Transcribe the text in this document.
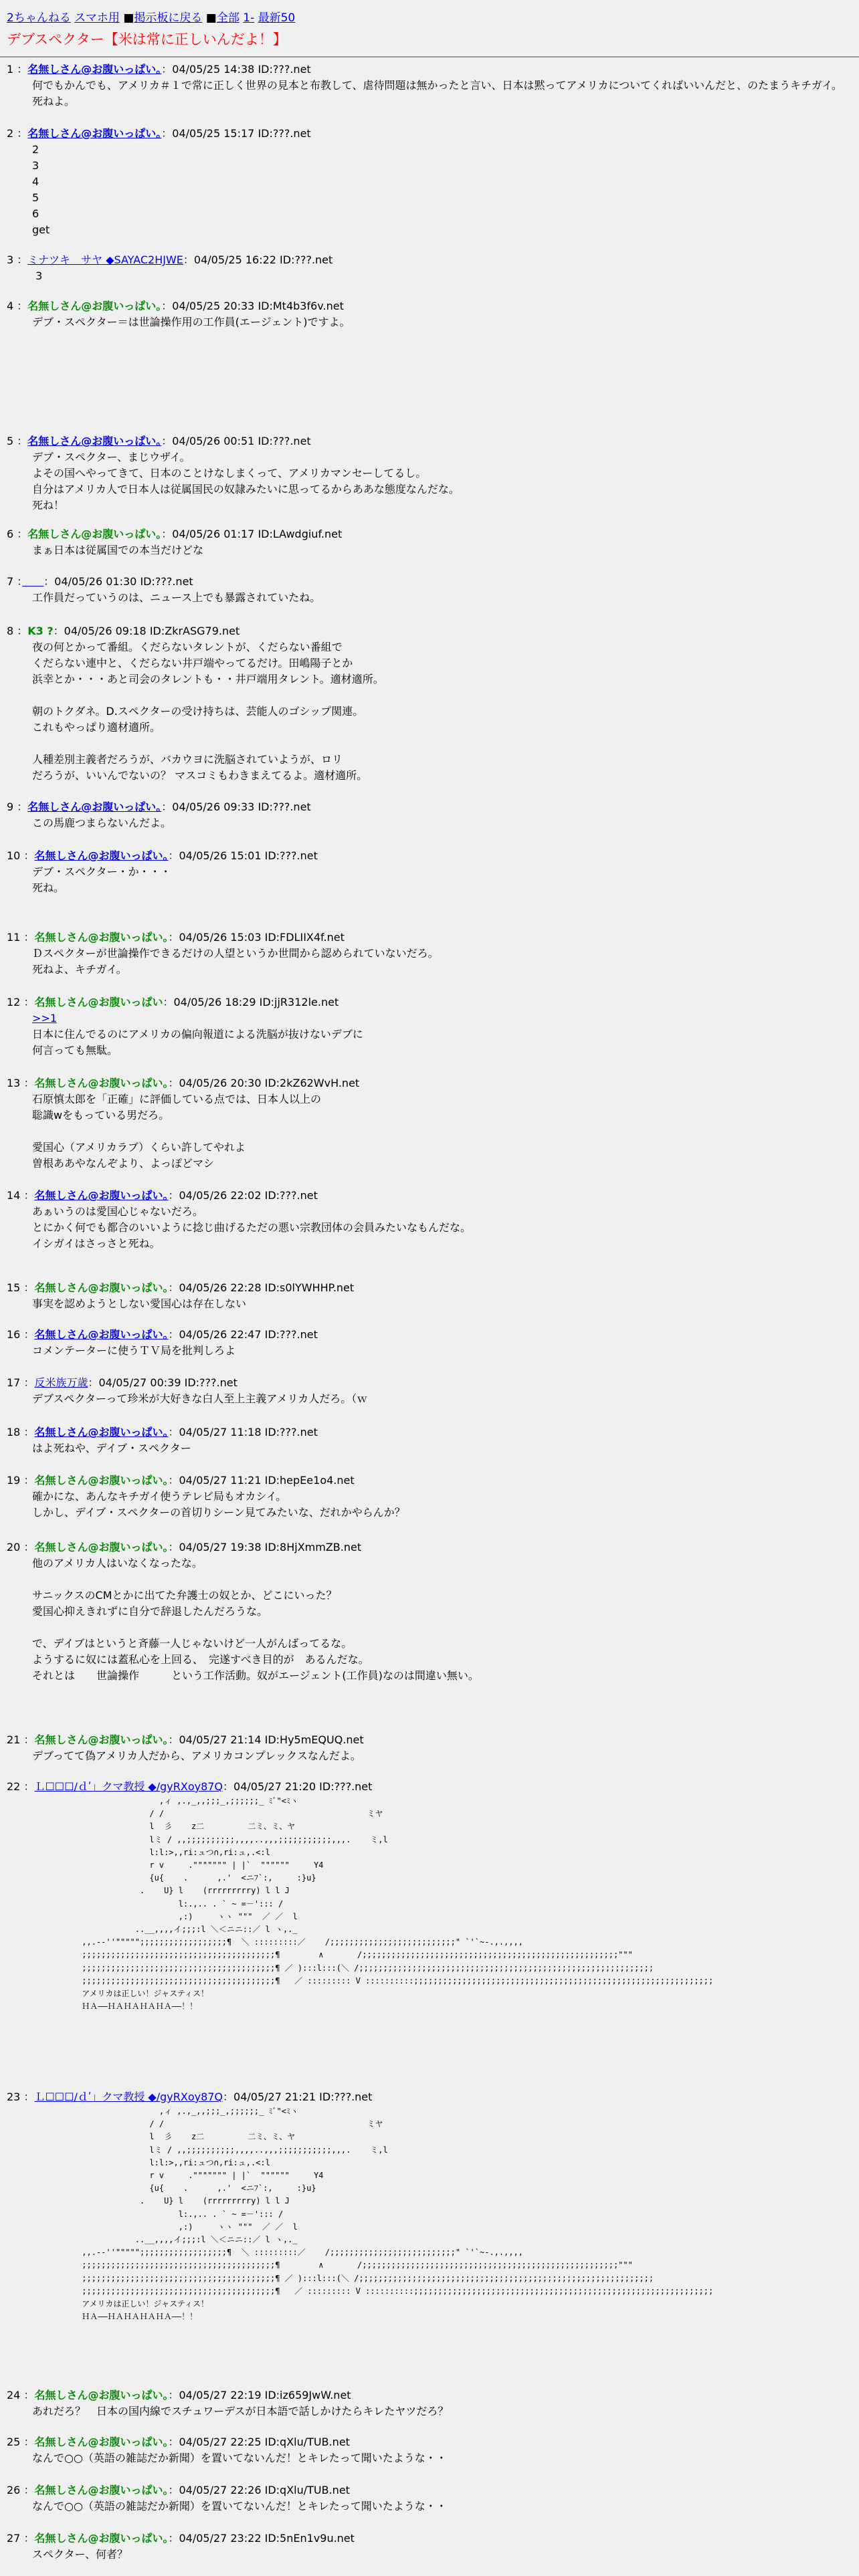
2ちゃんねる スマホ用 ■掲示板に戻る ■全部 1- 最新50
デブスペクター【米は常に正しいんだよ！】
1 ：名無しさん@お腹いっぱい。：04/05/25 14:38 ID:???.net
何でもかんでも、アメリカ＃１で常に正しく世界の見本と布教して、虐待問題は無かったと言い、日本は黙ってアメリカについてくればいいんだと、のたまうキチガイ。
死ねよ。
2 ：名無しさん@お腹いっぱい。：04/05/25 15:17 ID:???.net
2
3
4
5
6
get
3 ：ミナツキ　サヤ ◆SAYAC2HJWE：04/05/25 16:22 ID:???.net
3
4 ：名無しさん@お腹いっぱい。：04/05/25 20:33 ID:Mt4b3f6v.net
デブ・スペクター＝は世論操作用の工作員(エージェント)ですよ。
5 ：名無しさん@お腹いっぱい。：04/05/26 00:51 ID:???.net
デブ・スペクター、まじウザイ。
よその国へやってきて、日本のことけなしまくって、アメリカマンセーしてるし。
自分はアメリカ人で日本人は従属国民の奴隷みたいに思ってるからああな態度なんだな。
死ね！
6 ：名無しさん@お腹いっぱい。：04/05/26 01:17 ID:LAwdgiuf.net
まぁ日本は従属国での本当だけどな
7 ：　　 ：04/05/26 01:30 ID:???.net
工作員だっていうのは、ニュース上でも暴露されていたね。
8 ：K3 ?：04/05/26 09:18 ID:ZkrASG79.net
夜の何とかって番組。くだらないタレントが、くだらない番組で
くだらない連中と、くだらない井戸端やってるだけ。田嶋陽子とか
浜幸とか・・・あと司会のタレントも・・井戸端用タレント。適材適所。

朝のトクダネ。D.スペクターの受け持ちは、芸能人のゴシップ関連。
これもやっぱり適材適所。

人種差別主義者だろうが、バカウヨに洗脳されていようが、ロリ
だろうが、いいんでないの？ マスコミもわきまえてるよ。適材適所。
9 ：名無しさん@お腹いっぱい。：04/05/26 09:33 ID:???.net
この馬鹿つまらないんだよ。
10 ：名無しさん@お腹いっぱい。：04/05/26 15:01 ID:???.net
デブ・スペクター・か・・・
死ね。
11 ：名無しさん@お腹いっぱい。：04/05/26 15:03 ID:FDLIIX4f.net
Ｄスペクターが世論操作できるだけの人望というか世間から認められていないだろ。
死ねよ、キチガイ。
12 ：名無しさん@お腹いっぱい：04/05/26 18:29 ID:jjR312le.net
>>1
日本に住んでるのにアメリカの偏向報道による洗脳が抜けないデブに
何言っても無駄。
13 ：名無しさん@お腹いっぱい。：04/05/26 20:30 ID:2kZ62WvH.net
石原慎太郎を「正確」に評価している点では、日本人以上の
聡識wをもっている男だろ。

愛国心（アメリカラブ）くらい許してやれよ
曽根ああやなんぞより、よっぽどマシ
14 ：名無しさん@お腹いっぱい。：04/05/26 22:02 ID:???.net
あぁいうのは愛国心じゃないだろ。
とにかく何でも都合のいいように捻じ曲げるただの悪い宗教団体の会員みたいなもんだな。
イシガイはさっさと死ね。
15 ：名無しさん@お腹いっぱい。：04/05/26 22:28 ID:s0lYWHHP.net
事実を認めようとしない愛国心は存在しない
16 ：名無しさん@お腹いっぱい。：04/05/26 22:47 ID:???.net
コメンテーターに使うＴＶ局を批判しろよ
17 ：反米族万歳：04/05/27 00:39 ID:???.net
デブスペクターって珍米が大好きな白人至上主義アメリカ人だろ。（ｗ
18 ：名無しさん@お腹いっぱい。：04/05/27 11:18 ID:???.net
はよ死ねや、デイブ・スペクター
19 ：名無しさん@お腹いっぱい。：04/05/27 11:21 ID:hepEe1o4.net
確かにな、あんなキチガイ使うテレビ局もオカシイ。
しかし、デイブ・スペクターの首切りシーン見てみたいな、だれかやらんか？
20 ：名無しさん@お腹いっぱい。：04/05/27 19:38 ID:8HjXmmZB.net
他のアメリカ人はいなくなったな。

サニックスのCMとかに出てた弁護士の奴とか、どこにいった？
愛国心抑えきれずに自分で辞退したんだろうな。

で、デイブはというと斉藤一人じゃないけど一人がんばってるな。
ようするに奴には蓋私心を上回る、　完遂すべき目的が　あるんだな。
それとは　　世論操作　　　という工作活動。奴がエージェント(工作員)なのは間違い無い。
21 ：名無しさん@お腹いっぱい。：04/05/27 21:14 ID:Hy5mEQUQ.net
デブってて偽アメリカ人だから、アメリカコンプレックスなんだよ。
22 ：Ｌ☐☐☐/ｄʹ」クマ教授 ◆/gyRXoy87Q：04/05/27 21:20 ID:???.net
,ィ ,.,_,,;;;_,;;;;;;_ ﾐﾞ"<ﾐヽ
/ /                                          ミヤ
l  彡    z二         二ミ、ミ、ヤ
lミ / ,,;;;;;;;;;;,,,,..,,,;;;;;;;;;;;,,,.    ミ,l
l:l:>,,ri:ュつ∩,ri:ュ,.<:l
r v     .""""""" | |`  """"""     Y4
{u{    .      ,.'  <ニﾌ`:,     :}u}
.    U} l    (rrrrrrrrry) l l J
l:.,.. . ` ~ =－'::: /
,:)     ヽヽ """  ／ ／  l
..__,,,,イ;;;:l ＼＜ニニ::／ l ヽ,._
,,.--''""""";;;;;;;;;;;;;;;;;;¶  ＼ :::::::::／    /;;;;;;;;;;;;;;;;;;;;;;;;;;" `'`~-.,.,,,,
;;;;;;;;;;;;;;;;;;;;;;;;;;;;;;;;;;;;;;;;¶        ∧       /;;;;;;;;;;;;;;;;;;;;;;;;;;;;;;;;;;;;;;;;;;;;;;;;;;;;;"""
;;;;;;;;;;;;;;;;;;;;;;;;;;;;;;;;;;;;;;;;¶ ／ ):::l:::(＼ /;;;;;;;;;;;;;;;;;;;;;;;;;;;;;;;;;;;;;;;;;;;;;;;;;;;;;;;;;;;;;
;;;;;;;;;;;;;;;;;;;;;;;;;;;;;;;;;;;;;;;;¶   ／ ::::::::: V ::::::::::;;;;;;;;;;;;;;;;;;;;;;;;;;;;;;;;;;;;;;;;;;;;;;;;;;;;;;;;;;;;;;
アメリカは正しい！ジャスティス！
ＨＡ――ＨＡＨＡＨＡＨＡ――！！
23 ：Ｌ☐☐☐/ｄʹ」クマ教授 ◆/gyRXoy87Q：04/05/27 21:21 ID:???.net
,ィ ,.,_,,;;;_,;;;;;;_ ﾐﾞ"<ﾐヽ
/ /                                          ミヤ
l  彡    z二         二ミ、ミ、ヤ
lミ / ,,;;;;;;;;;;,,,,..,,,;;;;;;;;;;;,,,.    ミ,l
l:l:>,,ri:ュつ∩,ri:ュ,.<:l
r v     .""""""" | |`  """"""     Y4
{u{    .      ,.'  <ニﾌ`:,     :}u}
.    U} l    (rrrrrrrrry) l l J
l:.,.. . ` ~ =－'::: /
,:)     ヽヽ """  ／ ／  l
..__,,,,イ;;;:l ＼＜ニニ::／ l ヽ,._
,,.--''""""";;;;;;;;;;;;;;;;;;¶  ＼ :::::::::／    /;;;;;;;;;;;;;;;;;;;;;;;;;;" `'`~-.,.,,,,
;;;;;;;;;;;;;;;;;;;;;;;;;;;;;;;;;;;;;;;;¶        ∧       /;;;;;;;;;;;;;;;;;;;;;;;;;;;;;;;;;;;;;;;;;;;;;;;;;;;;;"""
;;;;;;;;;;;;;;;;;;;;;;;;;;;;;;;;;;;;;;;;¶ ／ ):::l:::(＼ /;;;;;;;;;;;;;;;;;;;;;;;;;;;;;;;;;;;;;;;;;;;;;;;;;;;;;;;;;;;;;
;;;;;;;;;;;;;;;;;;;;;;;;;;;;;;;;;;;;;;;;¶   ／ ::::::::: V ::::::::::;;;;;;;;;;;;;;;;;;;;;;;;;;;;;;;;;;;;;;;;;;;;;;;;;;;;;;;;;;;;;;
アメリカは正しい！ジャスティス！
ＨＡ――ＨＡＨＡＨＡＨＡ――！！
24 ：名無しさん@お腹いっぱい。：04/05/27 22:19 ID:iz659JwW.net
あれだろ？　日本の国内線でスチュワーデスが日本語で話しかけたらキレたヤツだろ？
25 ：名無しさん@お腹いっぱい。：04/05/27 22:25 ID:qXlu/TUB.net
なんで○○（英語の雑誌だか新聞）を置いてないんだ！とキレたって聞いたような・・
26 ：名無しさん@お腹いっぱい。：04/05/27 22:26 ID:qXlu/TUB.net
なんで○○（英語の雑誌だか新聞）を置いてないんだ！とキレたって聞いたような・・
27 ：名無しさん@お腹いっぱい。：04/05/27 23:22 ID:5nEn1v9u.net
スペクター、何者？
